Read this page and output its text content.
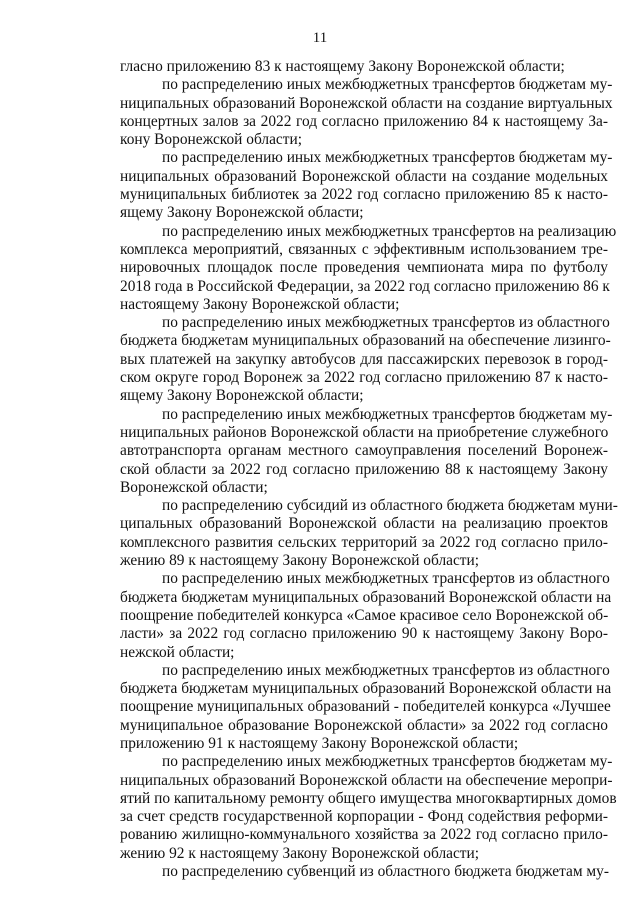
11
гласно приложению 83 к настоящему Закону Воронежской области;
по распределению иных межбюджетных трансфертов бюджетам му-
ниципальных образований Воронежской области на создание виртуальных
концертных залов за 2022 год согласно приложению 84 к настоящему За-
кону Воронежской области;
по распределению иных межбюджетных трансфертов бюджетам му-
ниципальных образований Воронежской области на создание модельных
муниципальных библиотек за 2022 год согласно приложению 85 к насто-
ящему Закону Воронежской области;
по распределению иных межбюджетных трансфертов на реализацию
комплекса мероприятий, связанных с эффективным использованием тре-
нировочных площадок после проведения чемпионата мира по футболу
2018 года в Российской Федерации, за 2022 год согласно приложению 86 к
настоящему Закону Воронежской области;
по распределению иных межбюджетных трансфертов из областного
бюджета бюджетам муниципальных образований на обеспечение лизинго-
вых платежей на закупку автобусов для пассажирских перевозок в город-
ском округе город Воронеж за 2022 год согласно приложению 87 к насто-
ящему Закону Воронежской области;
по распределению иных межбюджетных трансфертов бюджетам му-
ниципальных районов Воронежской области на приобретение служебного
автотранспорта органам местного самоуправления поселений Воронеж-
ской области за 2022 год согласно приложению 88 к настоящему Закону
Воронежской области;
по распределению субсидий из областного бюджета бюджетам муни-
ципальных образований Воронежской области на реализацию проектов
комплексного развития сельских территорий за 2022 год согласно прило-
жению 89 к настоящему Закону Воронежской области;
по распределению иных межбюджетных трансфертов из областного
бюджета бюджетам муниципальных образований Воронежской области на
поощрение победителей конкурса «Самое красивое село Воронежской об-
ласти» за 2022 год согласно приложению 90 к настоящему Закону Воро-
нежской области;
по распределению иных межбюджетных трансфертов из областного
бюджета бюджетам муниципальных образований Воронежской области на
поощрение муниципальных образований - победителей конкурса «Лучшее
муниципальное образование Воронежской области» за 2022 год согласно
приложению 91 к настоящему Закону Воронежской области;
по распределению иных межбюджетных трансфертов бюджетам му-
ниципальных образований Воронежской области на обеспечение меропри-
ятий по капитальному ремонту общего имущества многоквартирных домов
за счет средств государственной корпорации - Фонд содействия реформи-
рованию жилищно-коммунального хозяйства за 2022 год согласно прило-
жению 92 к настоящему Закону Воронежской области;
по распределению субвенций из областного бюджета бюджетам му-
